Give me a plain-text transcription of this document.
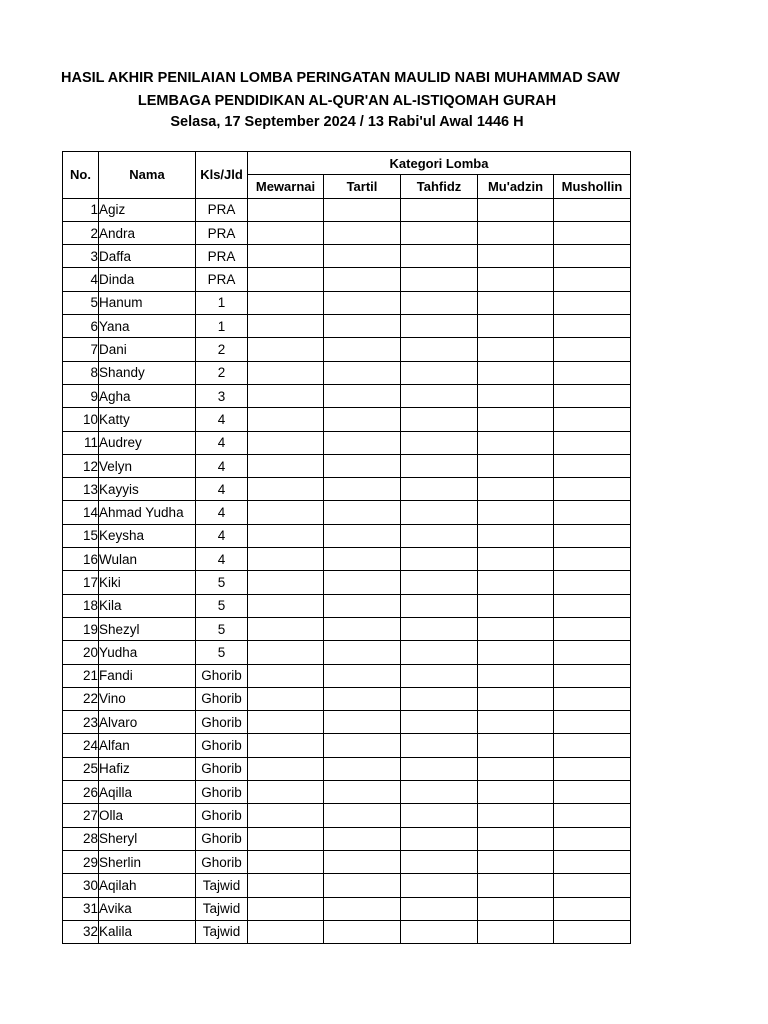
HASIL AKHIR PENILAIAN LOMBA PERINGATAN MAULID NABI MUHAMMAD SAW
LEMBAGA PENDIDIKAN AL-QUR'AN AL-ISTIQOMAH GURAH
Selasa, 17 September 2024 / 13 Rabi'ul Awal 1446 H
No.	Nama	Kls/Jld	Kategori Lomba				
			Mewarnai	Tartil	Tahfidz	Mu'adzin	Mushollin
1	Agiz	PRA					
2	Andra	PRA					
3	Daffa	PRA					
4	Dinda	PRA					
5	Hanum	1					
6	Yana	1					
7	Dani	2					
8	Shandy	2					
9	Agha	3					
10	Katty	4					
11	Audrey	4					
12	Velyn	4					
13	Kayyis	4					
14	Ahmad Yudha	4					
15	Keysha	4					
16	Wulan	4					
17	Kiki	5					
18	Kila	5					
19	Shezyl	5					
20	Yudha	5					
21	Fandi	Ghorib					
22	Vino	Ghorib					
23	Alvaro	Ghorib					
24	Alfan	Ghorib					
25	Hafiz	Ghorib					
26	Aqilla	Ghorib					
27	Olla	Ghorib					
28	Sheryl	Ghorib					
29	Sherlin	Ghorib					
30	Aqilah	Tajwid					
31	Avika	Tajwid					
32	Kalila	Tajwid					
